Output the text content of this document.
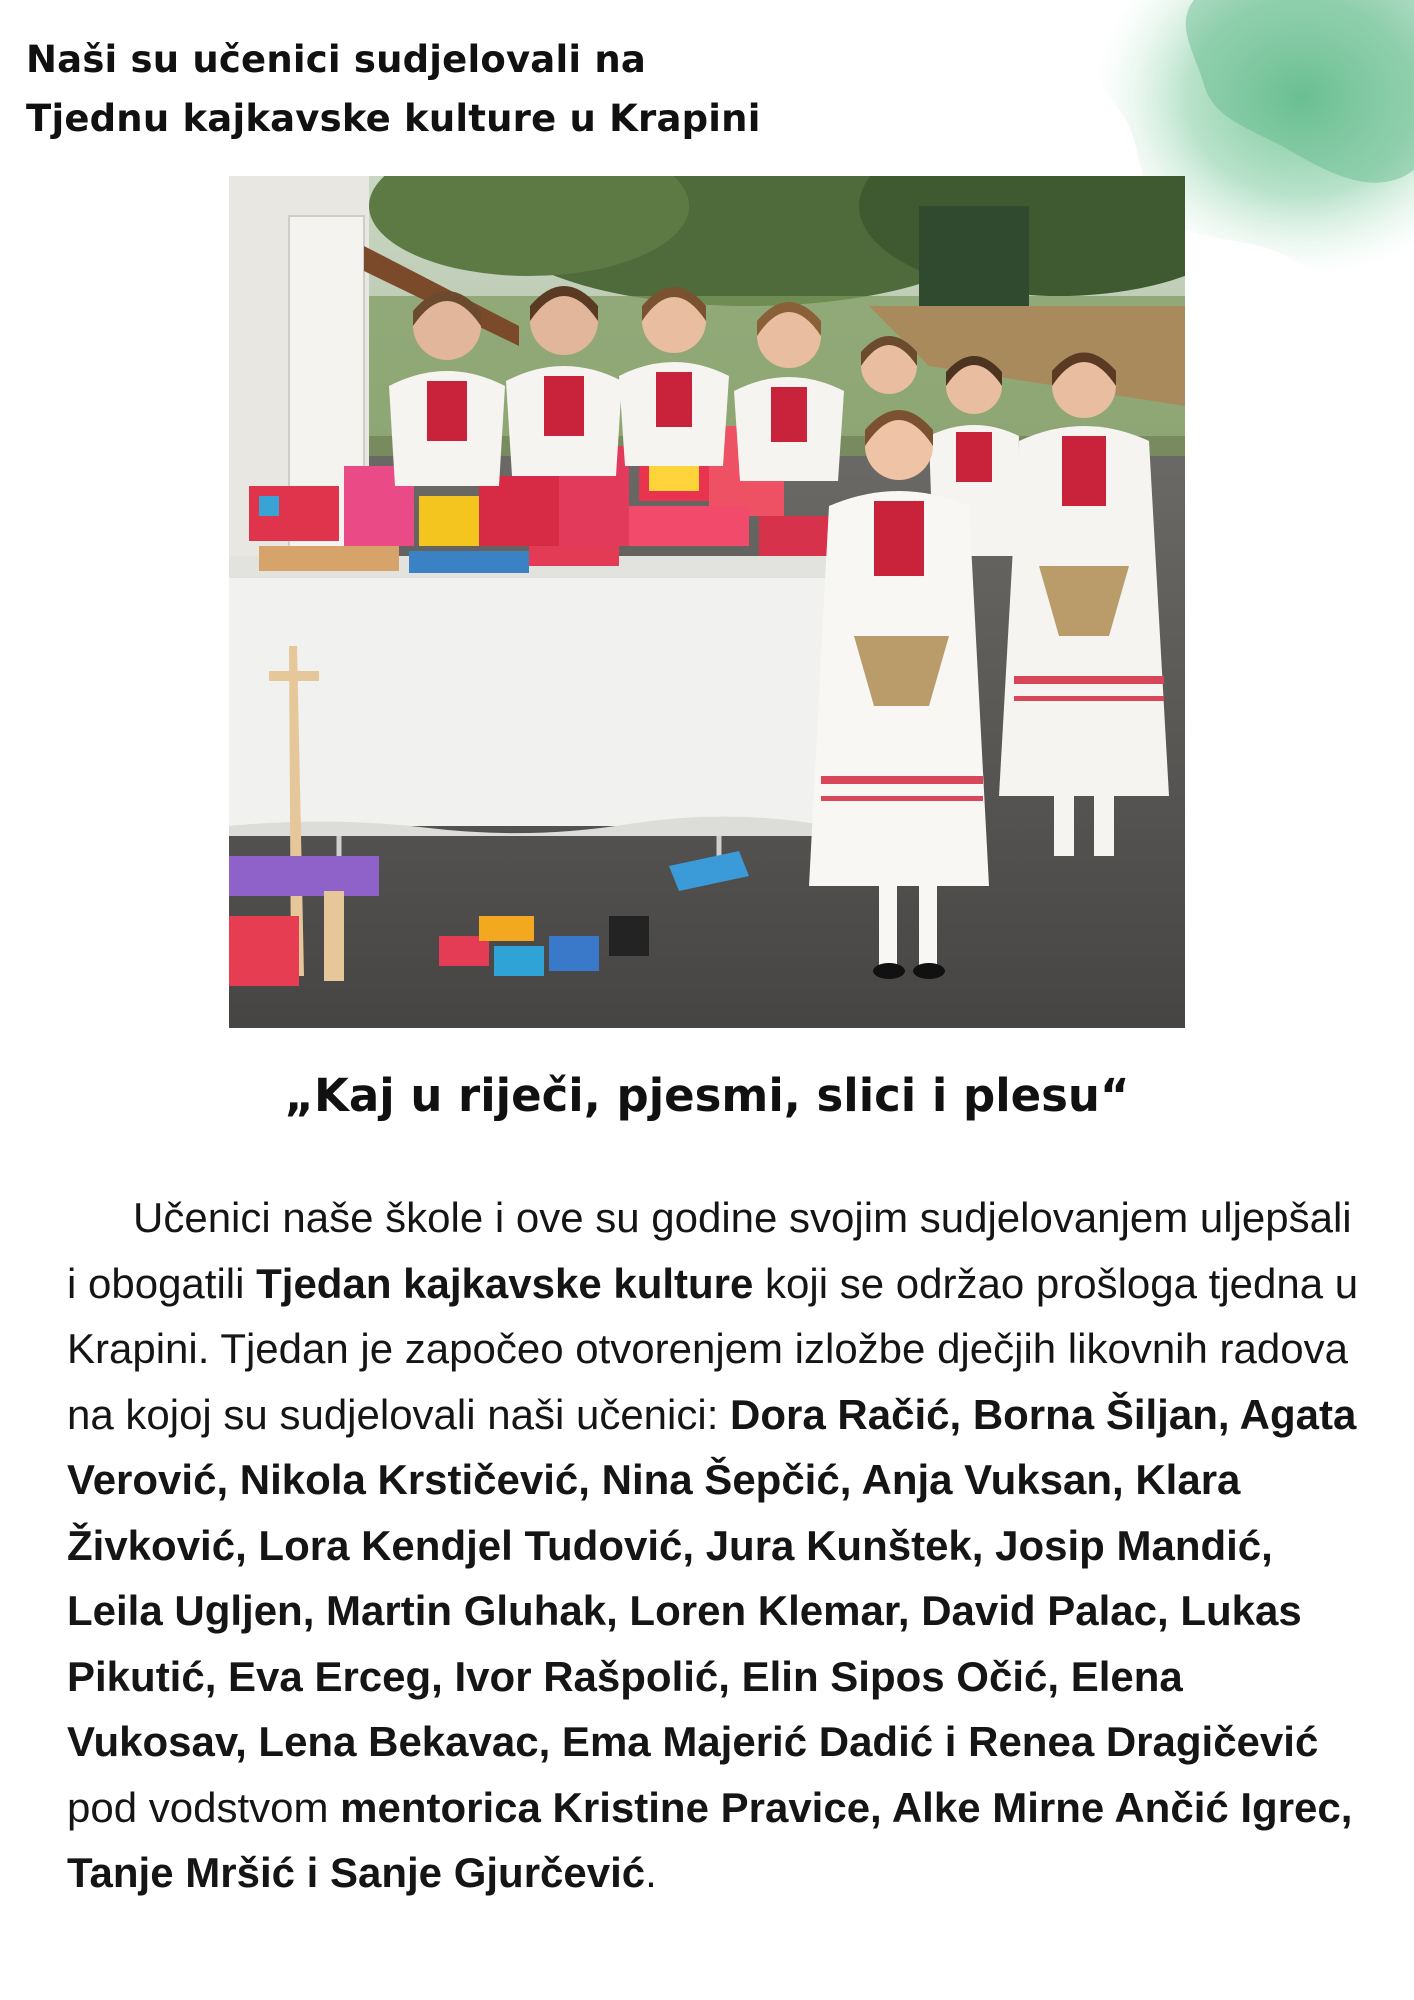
Naši su učenici sudjelovali na
Tjednu kajkavske kulture u Krapini
„Kaj u riječi, pjesmi, slici i plesu“
Učenici naše škole i ove su godine svojim sudjelovanjem uljepšali i obogatili Tjedan kajkavske kulture koji se održao prošloga tjedna u Krapini. Tjedan je započeo otvorenjem izložbe dječjih likovnih radova na kojoj su sudjelovali naši učenici: Dora Račić, Borna Šiljan, Agata Verović, Nikola Krstičević, Nina Šepčić, Anja Vuksan, Klara Živković, Lora Kendjel Tudović, Jura Kunštek, Josip Mandić, Leila Ugljen, Martin Gluhak, Loren Klemar, David Palac, Lukas Pikutić, Eva Erceg, Ivor Rašpolić, Elin Sipos Očić, Elena Vukosav, Lena Bekavac, Ema Majerić Dadić i Renea Dragičević pod vodstvom mentorica Kristine Pravice, Alke Mirne Ančić Igrec, Tanje Mršić i Sanje Gjurčević.
